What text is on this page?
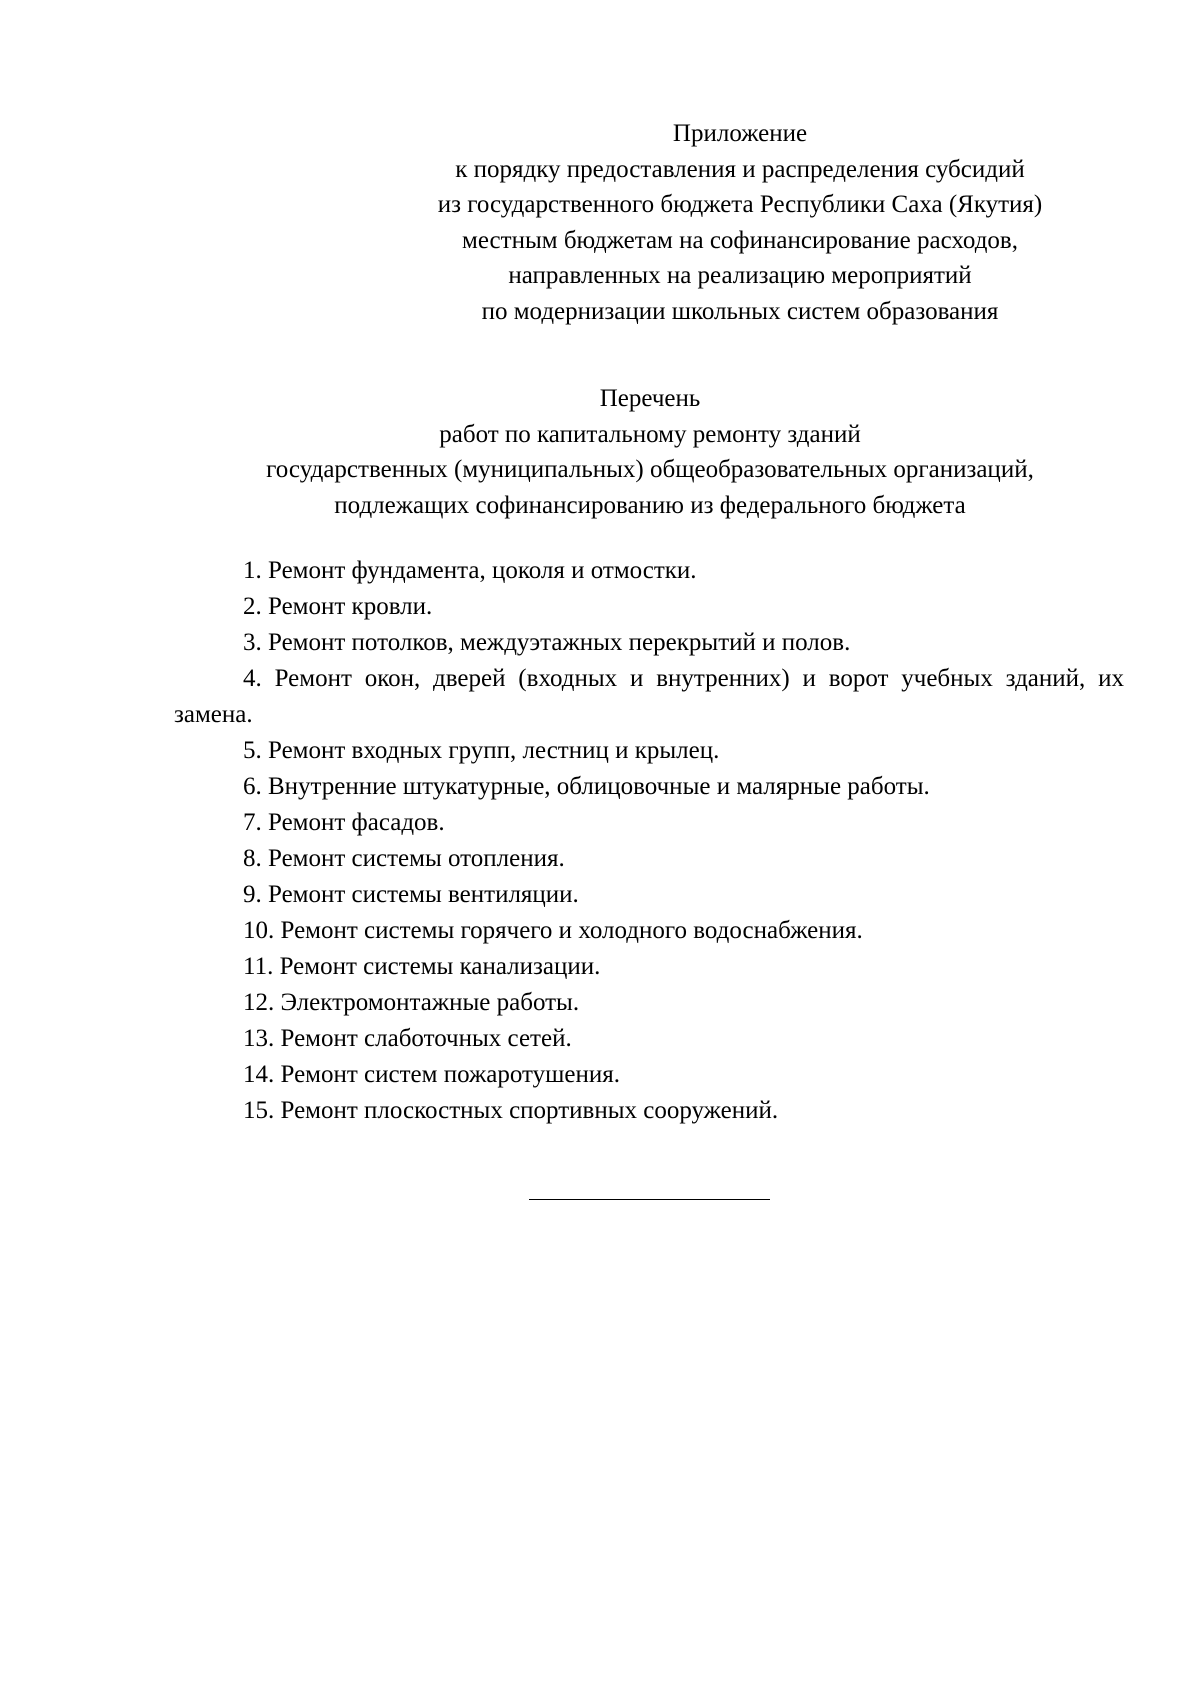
Приложение
к порядку предоставления и распределения субсидий
из государственного бюджета Республики Саха (Якутия)
местным бюджетам на софинансирование расходов,
направленных на реализацию мероприятий
по модернизации школьных систем образования
Перечень
работ по капитальному ремонту зданий
государственных (муниципальных) общеобразовательных организаций,
подлежащих софинансированию из федерального бюджета
1. Ремонт фундамента, цоколя и отмостки.
2. Ремонт кровли.
3. Ремонт потолков, междуэтажных перекрытий и полов.
4. Ремонт окон, дверей (входных и внутренних) и ворот учебных зданий, их замена.
5. Ремонт входных групп, лестниц и крылец.
6. Внутренние штукатурные, облицовочные и малярные работы.
7. Ремонт фасадов.
8. Ремонт системы отопления.
9. Ремонт системы вентиляции.
10. Ремонт системы горячего и холодного водоснабжения.
11. Ремонт системы канализации.
12. Электромонтажные работы.
13. Ремонт слаботочных сетей.
14. Ремонт систем пожаротушения.
15. Ремонт плоскостных спортивных сооружений.
